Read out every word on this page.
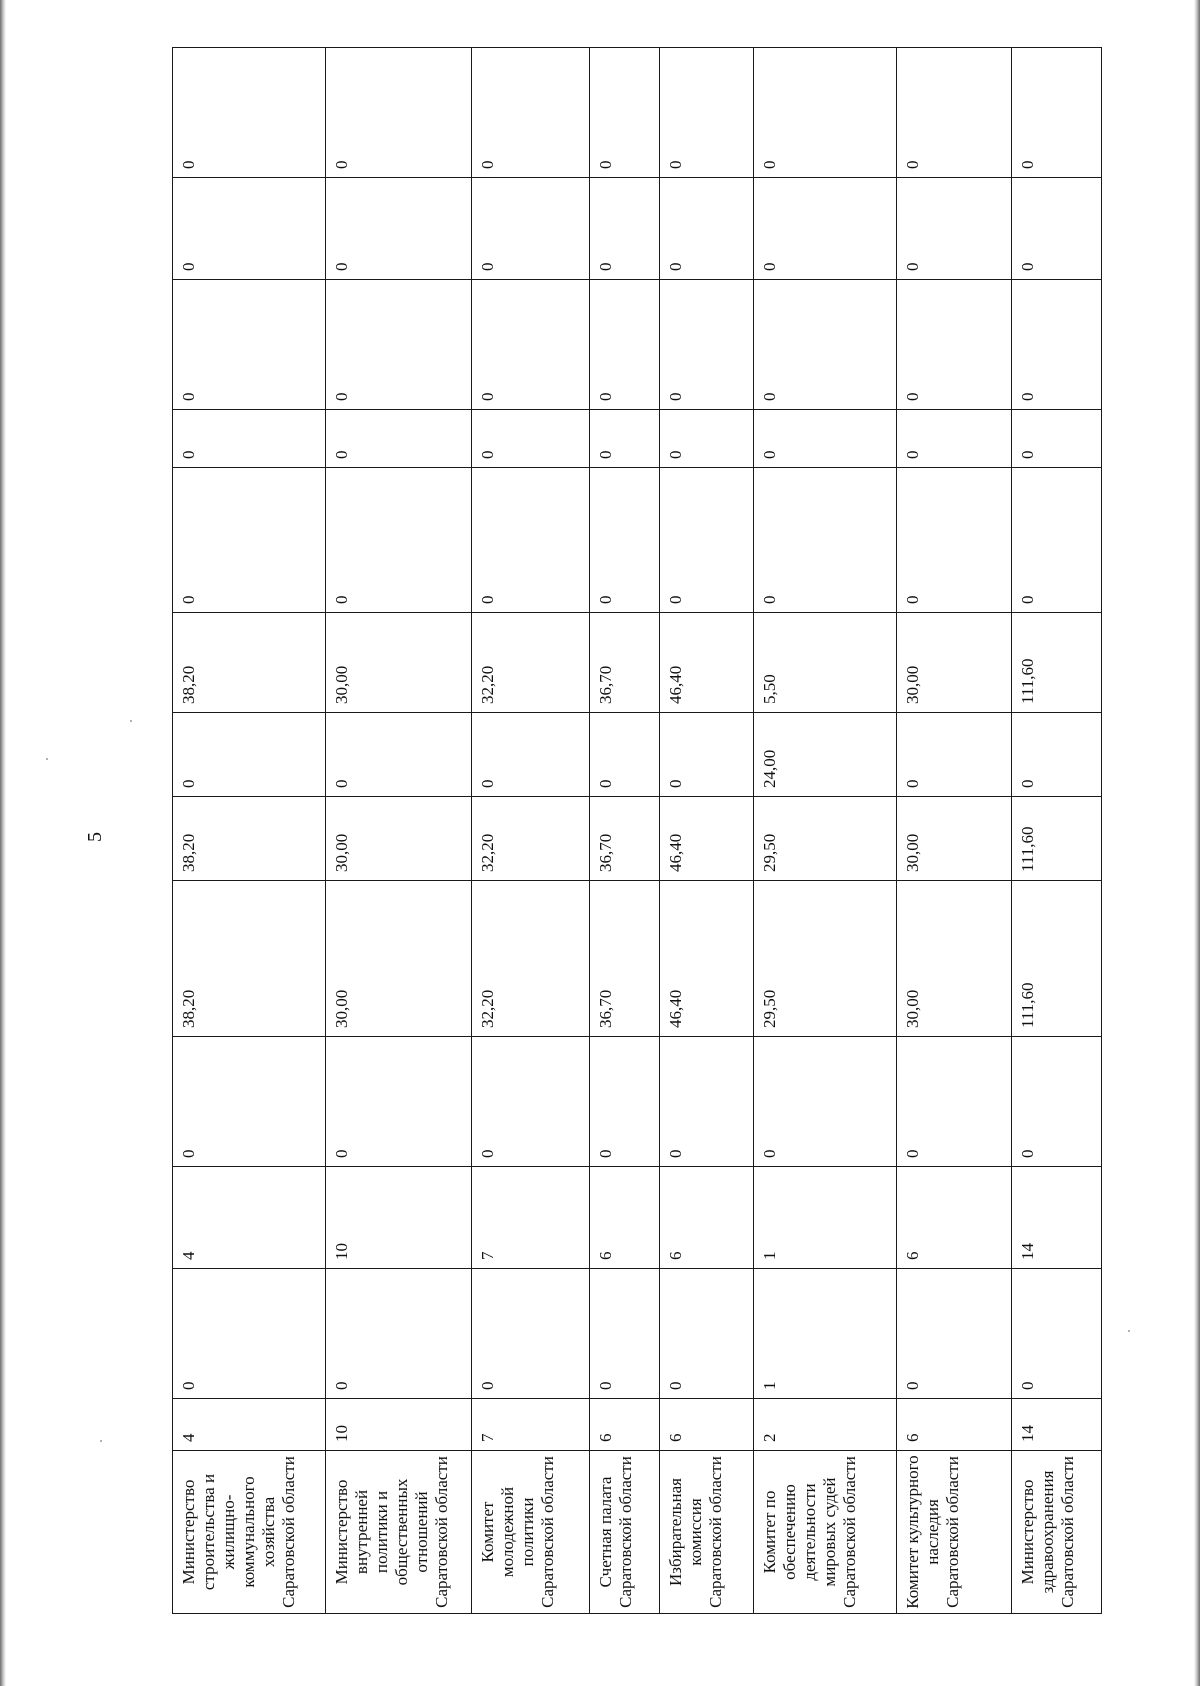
5
Министерство строительства и жилищно-коммунального хозяйства Саратовской области	4	0	4	0	38,20	38,20	0	38,20	0	0	0	0	0
Министерство внутренней политики и общественных отношений Саратовской области	10	0	10	0	30,00	30,00	0	30,00	0	0	0	0	0
Комитет молодежной политики Саратовской области	7	0	7	0	32,20	32,20	0	32,20	0	0	0	0	0
Счетная палата Саратовской области	6	0	6	0	36,70	36,70	0	36,70	0	0	0	0	0
Избирательная комиссия Саратовской области	6	0	6	0	46,40	46,40	0	46,40	0	0	0	0	0
Комитет по обеспечению деятельности мировых судей Саратовской области	2	1	1	0	29,50	29,50	24,00	5,50	0	0	0	0	0
Комитет культурного наследия Саратовской области	6	0	6	0	30,00	30,00	0	30,00	0	0	0	0	0
Министерство здравоохранения Саратовской области	14	0	14	0	111,60	111,60	0	111,60	0	0	0	0	0
